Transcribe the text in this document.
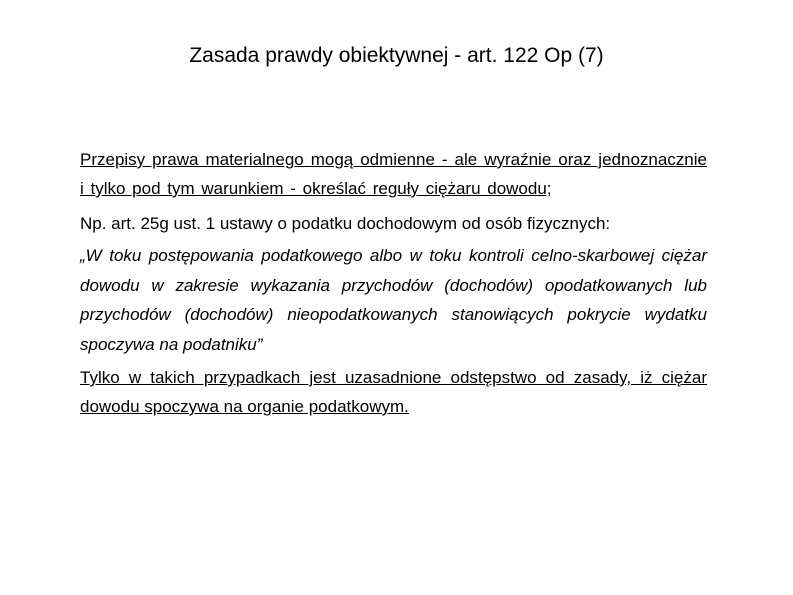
Zasada prawdy obiektywnej - art. 122 Op (7)

Przepisy prawa materialnego mogą odmienne - ale wyraźnie oraz jednoznacznie i tylko pod tym warunkiem - określać reguły ciężaru dowodu;

Np. art. 25g ust. 1 ustawy o podatku dochodowym od osób fizycznych:

„W toku postępowania podatkowego albo w toku kontroli celno-skarbowej ciężar dowodu w zakresie wykazania przychodów (dochodów) opodatkowanych lub przychodów (dochodów) nieopodatkowanych stanowiących pokrycie wydatku spoczywa na podatniku”

Tylko w takich przypadkach jest uzasadnione odstępstwo od zasady, iż ciężar dowodu spoczywa na organie podatkowym.
